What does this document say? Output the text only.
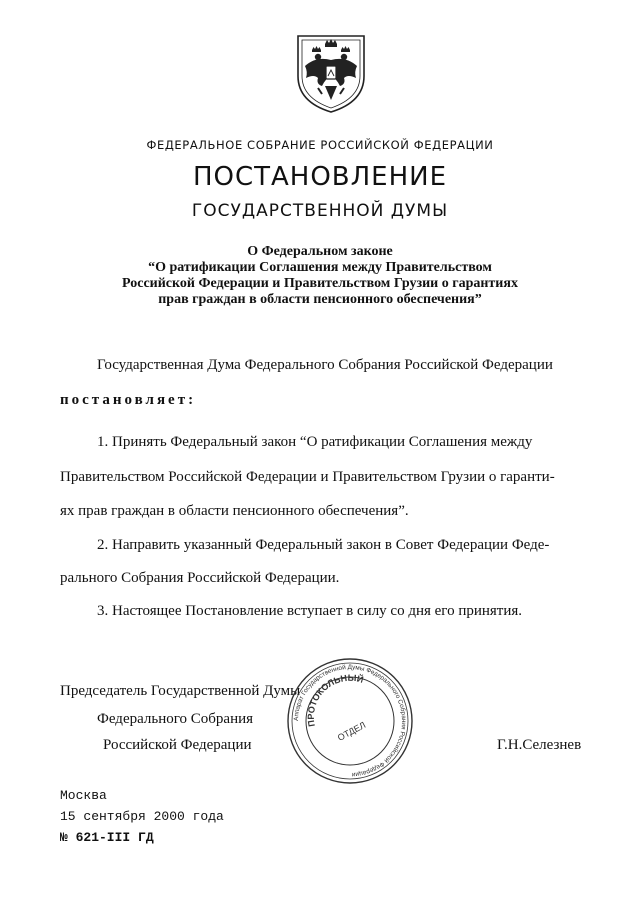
ФЕДЕРАЛЬНОЕ СОБРАНИЕ РОССИЙСКОЙ ФЕДЕРАЦИИ
ПОСТАНОВЛЕНИЕ
ГОСУДАРСТВЕННОЙ ДУМЫ
О Федеральном законе
“О ратификации Соглашения между Правительством
Российской Федерации и Правительством Грузии о гарантиях
прав граждан в области пенсионного обеспечения”
Государственная Дума Федерального Собрания Российской Федерации
постановляет:
1. Принять Федеральный закон “О ратификации Соглашения между
Правительством Российской Федерации и Правительством Грузии о гаранти-
ях прав граждан в области пенсионного обеспечения”.
2. Направить указанный Федеральный закон в Совет Федерации Феде-
рального Собрания Российской Федерации.
3. Настоящее Постановление вступает в силу со дня его принятия.
Председатель Государственной Думы
Федерального Собрания
Российской Федерации	Г.Н.Селезнев
Аппарат Государственной Думы Федерального Собрания Российской Федерации
ПРОТОКОЛЬНЫЙ
ОТДЕЛ
Москва
15 сентября 2000 года
№ 621-III ГД
